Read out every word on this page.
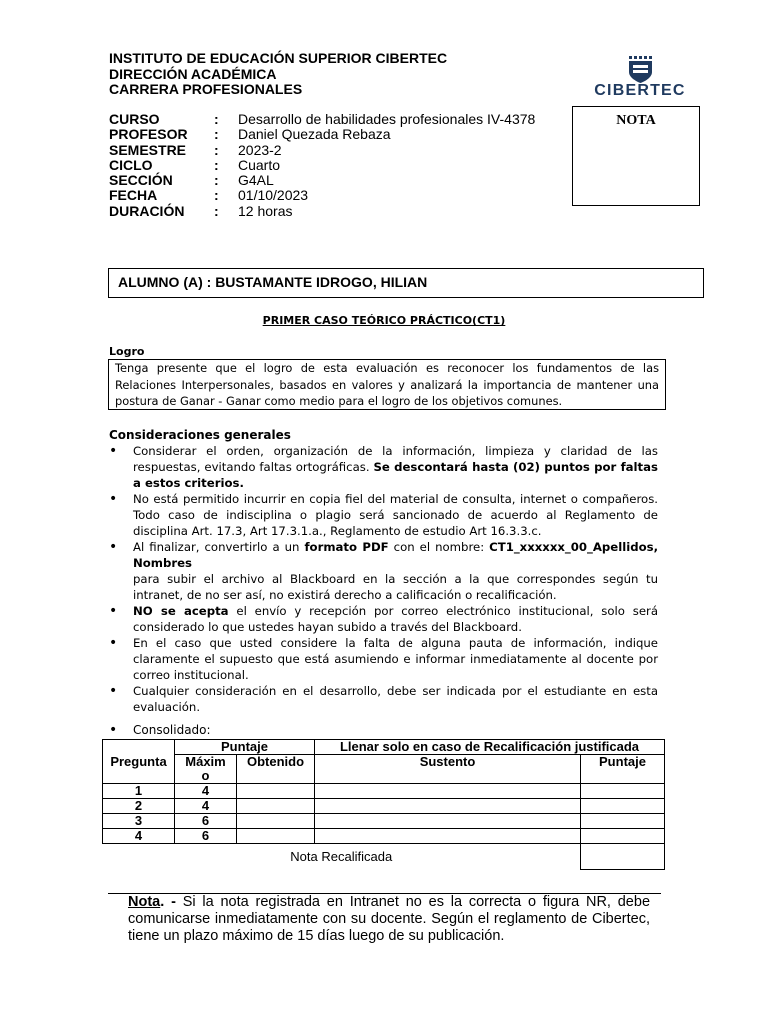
INSTITUTO DE EDUCACIÓN SUPERIOR CIBERTEC
DIRECCIÓN ACADÉMICA
CARRERA PROFESIONALES	CIBERTEC
CURSO	:	Desarrollo de habilidades profesionales IV-4378
PROFESOR	:	Daniel Quezada Rebaza
SEMESTRE	:	2023-2
CICLO	:	Cuarto
SECCIÓN	:	G4AL
FECHA	:	01/10/2023
DURACIÓN	:	12 horas
NOTA
ALUMNO (A) : BUSTAMANTE IDROGO, HILIAN
PRIMER CASO TEÓRICO PRÁCTICO(CT1)
Logro
Tenga presente que el logro de esta evaluación es reconocer los fundamentos de las Relaciones Interpersonales, basados en valores y analizará la importancia de mantener una postura de Ganar - Ganar como medio para el logro de los objetivos comunes.
Consideraciones generales
• Considerar el orden, organización de la información, limpieza y claridad de las respuestas, evitando faltas ortográficas. Se descontará hasta (02) puntos por faltas a estos criterios.
• No está permitido incurrir en copia fiel del material de consulta, internet o compañeros. Todo caso de indisciplina o plagio será sancionado de acuerdo al Reglamento de disciplina Art. 17.3, Art 17.3.1.a., Reglamento de estudio Art 16.3.3.c.
• Al finalizar, convertirlo a un formato PDF con el nombre: CT1_xxxxxx_00_Apellidos, Nombres
para subir el archivo al Blackboard en la sección a la que correspondes según tu intranet, de no ser así, no existirá derecho a calificación o recalificación.
• NO se acepta el envío y recepción por correo electrónico institucional, solo será considerado lo que ustedes hayan subido a través del Blackboard.
• En el caso que usted considere la falta de alguna pauta de información, indique claramente el supuesto que está asumiendo e informar inmediatamente al docente por correo institucional.
• Cualquier consideración en el desarrollo, debe ser indicada por el estudiante en esta evaluación.
• Consolidado:
Pregunta	Puntaje		Llenar solo en caso de Recalificación justificada	
	Máximo	Obtenido	Sustento	Puntaje
1	4			
2	4			
3	6			
4	6			

Nota Recalificada				

Nota. - Si la nota registrada en Intranet no es la correcta o figura NR, debe comunicarse inmediatamente con su docente. Según el reglamento de Cibertec, tiene un plazo máximo de 15 días luego de su publicación.
